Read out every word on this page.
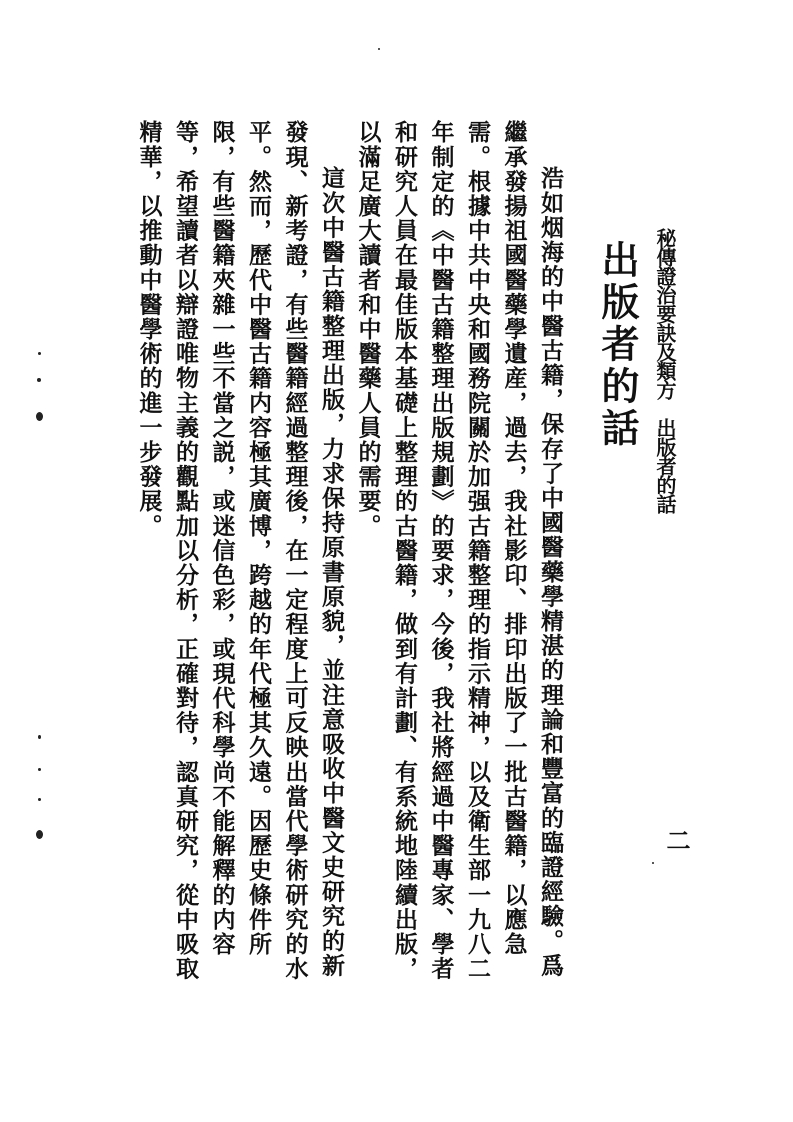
秘傳證治要訣及類方　出版者的話
二
出版者的話

浩如烟海的中醫古籍，保存了中國醫藥學精湛的理論和豐富的臨證經驗。爲繼承發揚祖國醫藥學遺産，過去，我社影印、排印出版了一批古醫籍，以應急需。根據中共中央和國務院關於加强古籍整理的指示精神，以及衛生部一九八二年制定的《中醫古籍整理出版規劃》的要求，今後，我社將經過中醫專家、學者和研究人員在最佳版本基礎上整理的古醫籍，做到有計劃、有系統地陸續出版，以滿足廣大讀者和中醫藥人員的需要。

這次中醫古籍整理出版，力求保持原書原貌，並注意吸收中醫文史研究的新發現、新考證，有些醫籍經過整理後，在一定程度上可反映出當代學術研究的水平。然而，歷代中醫古籍内容極其廣博，跨越的年代極其久遠。因歷史條件所限，有些醫籍夾雜一些不當之説，或迷信色彩，或現代科學尚不能解釋的内容等，希望讀者以辯證唯物主義的觀點加以分析，正確對待，認真研究，從中吸取精華，以推動中醫學術的進一步發展。
